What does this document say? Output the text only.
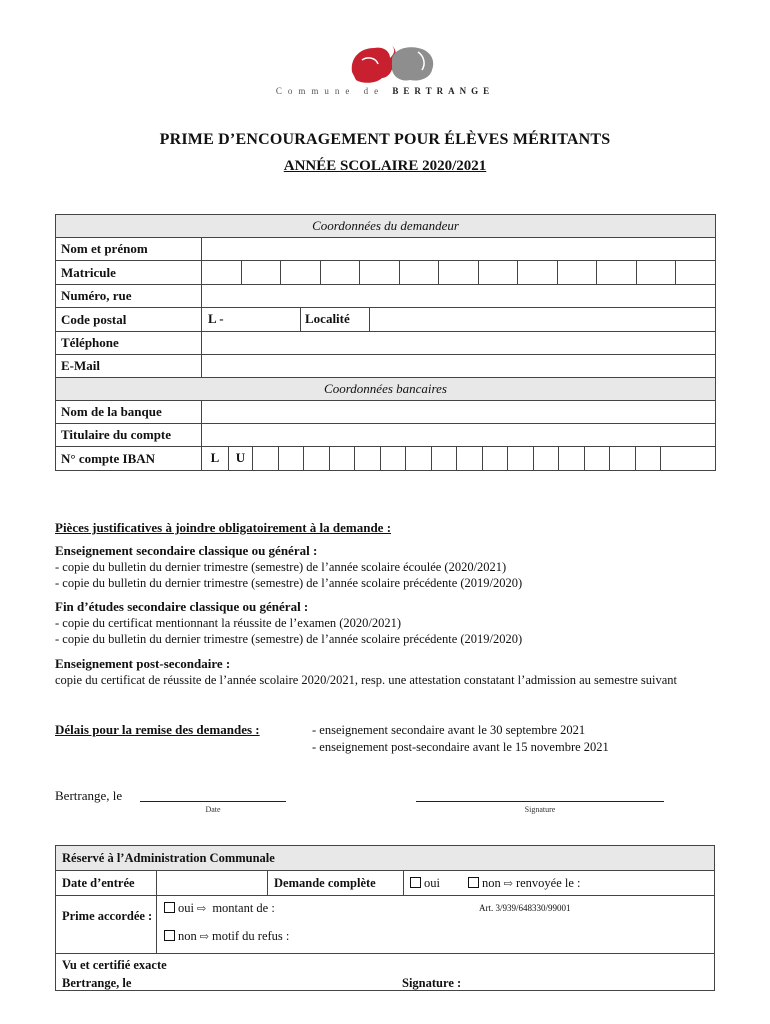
Commune de BERTRANGE
PRIME D’ENCOURAGEMENT POUR ÉLÈVES MÉRITANTS
ANNÉE SCOLAIRE 2020/2021
Coordonnées du demandeur	
Nom et prénom	
Matricule	

Numéro, rue	
Code postal	L - Localité

Téléphone	
E-Mail	
Coordonnées bancaires	
Nom de la banque	
Titulaire du compte	
N° compte IBAN	L U
Pièces justificatives à joindre obligatoirement à la demande :
Enseignement secondaire classique ou général :
- copie du bulletin du dernier trimestre (semestre) de l’année scolaire écoulée (2020/2021)
- copie du bulletin du dernier trimestre (semestre) de l’année scolaire précédente (2019/2020)
Fin d’études secondaire classique ou général :
- copie du certificat mentionnant la réussite de l’examen (2020/2021)
- copie du bulletin du dernier trimestre (semestre) de l’année scolaire précédente (2019/2020)
Enseignement post-secondaire :
copie du certificat de réussite de l’année scolaire 2020/2021, resp. une attestation constatant l’admission au semestre suivant
Délais pour la remise des demandes :	- enseignement secondaire avant le 30 septembre 2021
- enseignement post-secondaire avant le 15 novembre 2021
Bertrange, le
Date	Signature
Réservé à l’Administration Communale
Date d’entrée	Demande complète	oui	non ⇨ renvoyée le :
Prime accordée :
oui ⇨ montant de :	Art. 3/939/648330/99001
non ⇨ motif du refus :
Vu et certifié exacte
Bertrange, le	Signature :
